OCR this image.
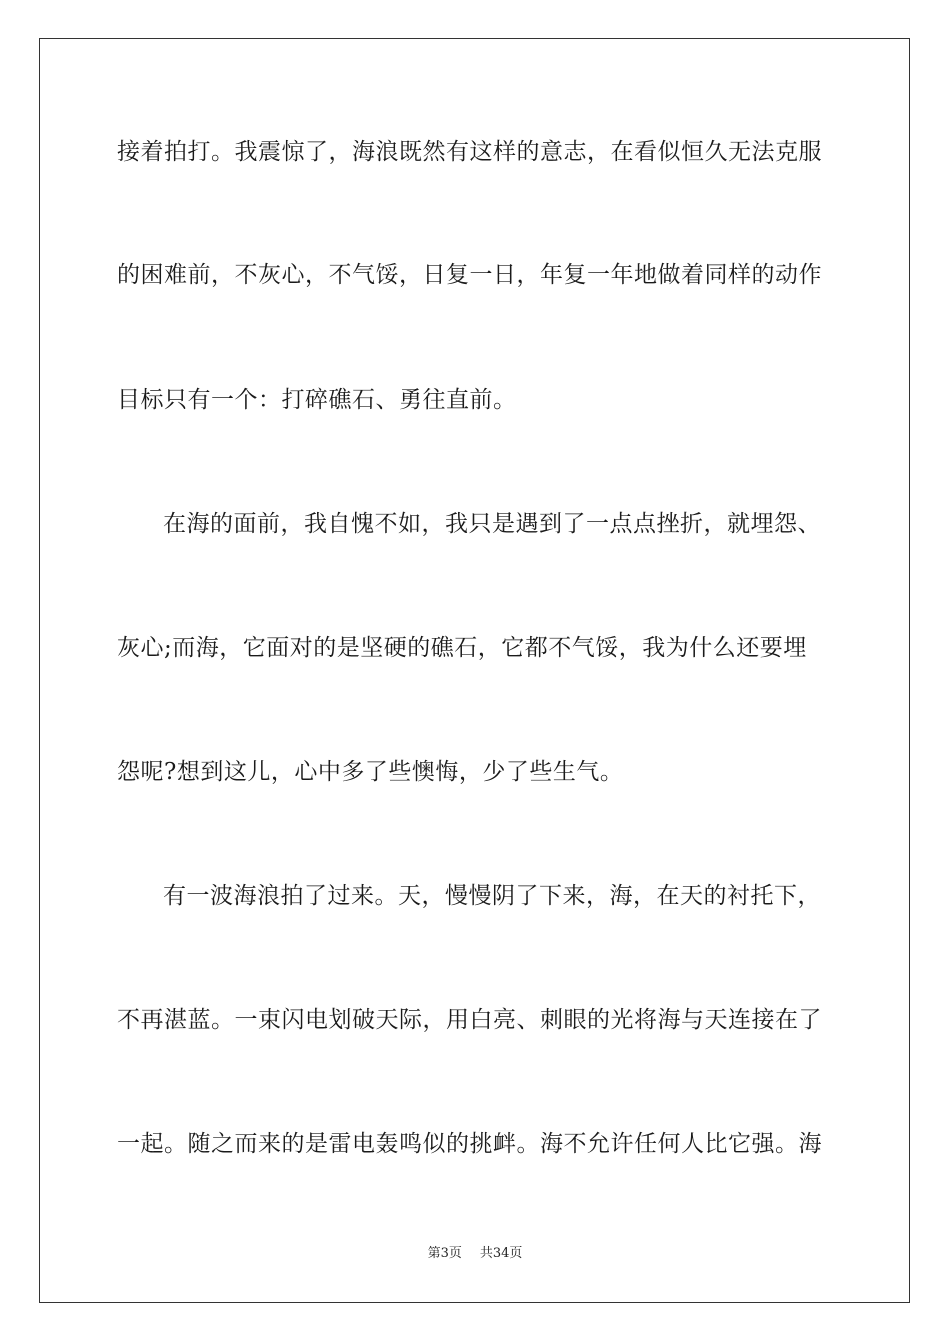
接着拍打。我震惊了，海浪既然有这样的意志，在看似恒久无法克服
的困难前，不灰心，不气馁，日复一日，年复一年地做着同样的动作
目标只有一个：打碎礁石、勇往直前。
在海的面前，我自愧不如，我只是遇到了一点点挫折，就埋怨、
灰心;而海，它面对的是坚硬的礁石，它都不气馁，我为什么还要埋
怨呢?想到这儿，心中多了些懊悔，少了些生气。
有一波海浪拍了过来。天，慢慢阴了下来，海，在天的衬托下，
不再湛蓝。一束闪电划破天际，用白亮、刺眼的光将海与天连接在了
一起。随之而来的是雷电轰鸣似的挑衅。海不允许任何人比它强。海
第3页 共34页
